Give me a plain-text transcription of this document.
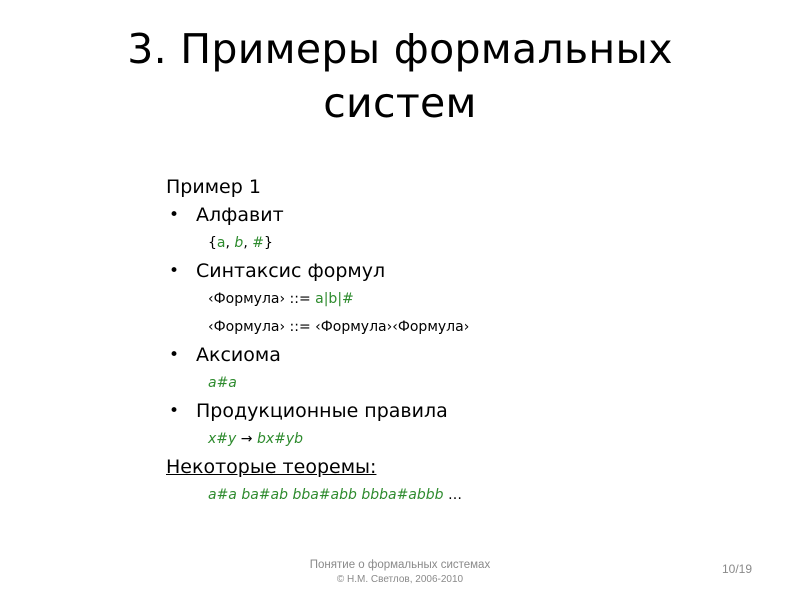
3. Примеры формальных
систем
Пример 1
• Алфавит
{a, b, #}
• Синтаксис формул
‹Формула› ::= a|b|#
‹Формула› ::= ‹Формула›‹Формула›
• Аксиома
a#a
• Продукционные правила
x#y → bx#yb
Некоторые теоремы:
a#a ba#ab bba#abb bbba#abbb …
Понятие о формальных системах
© Н.М. Светлов, 2006-2010
10/19
